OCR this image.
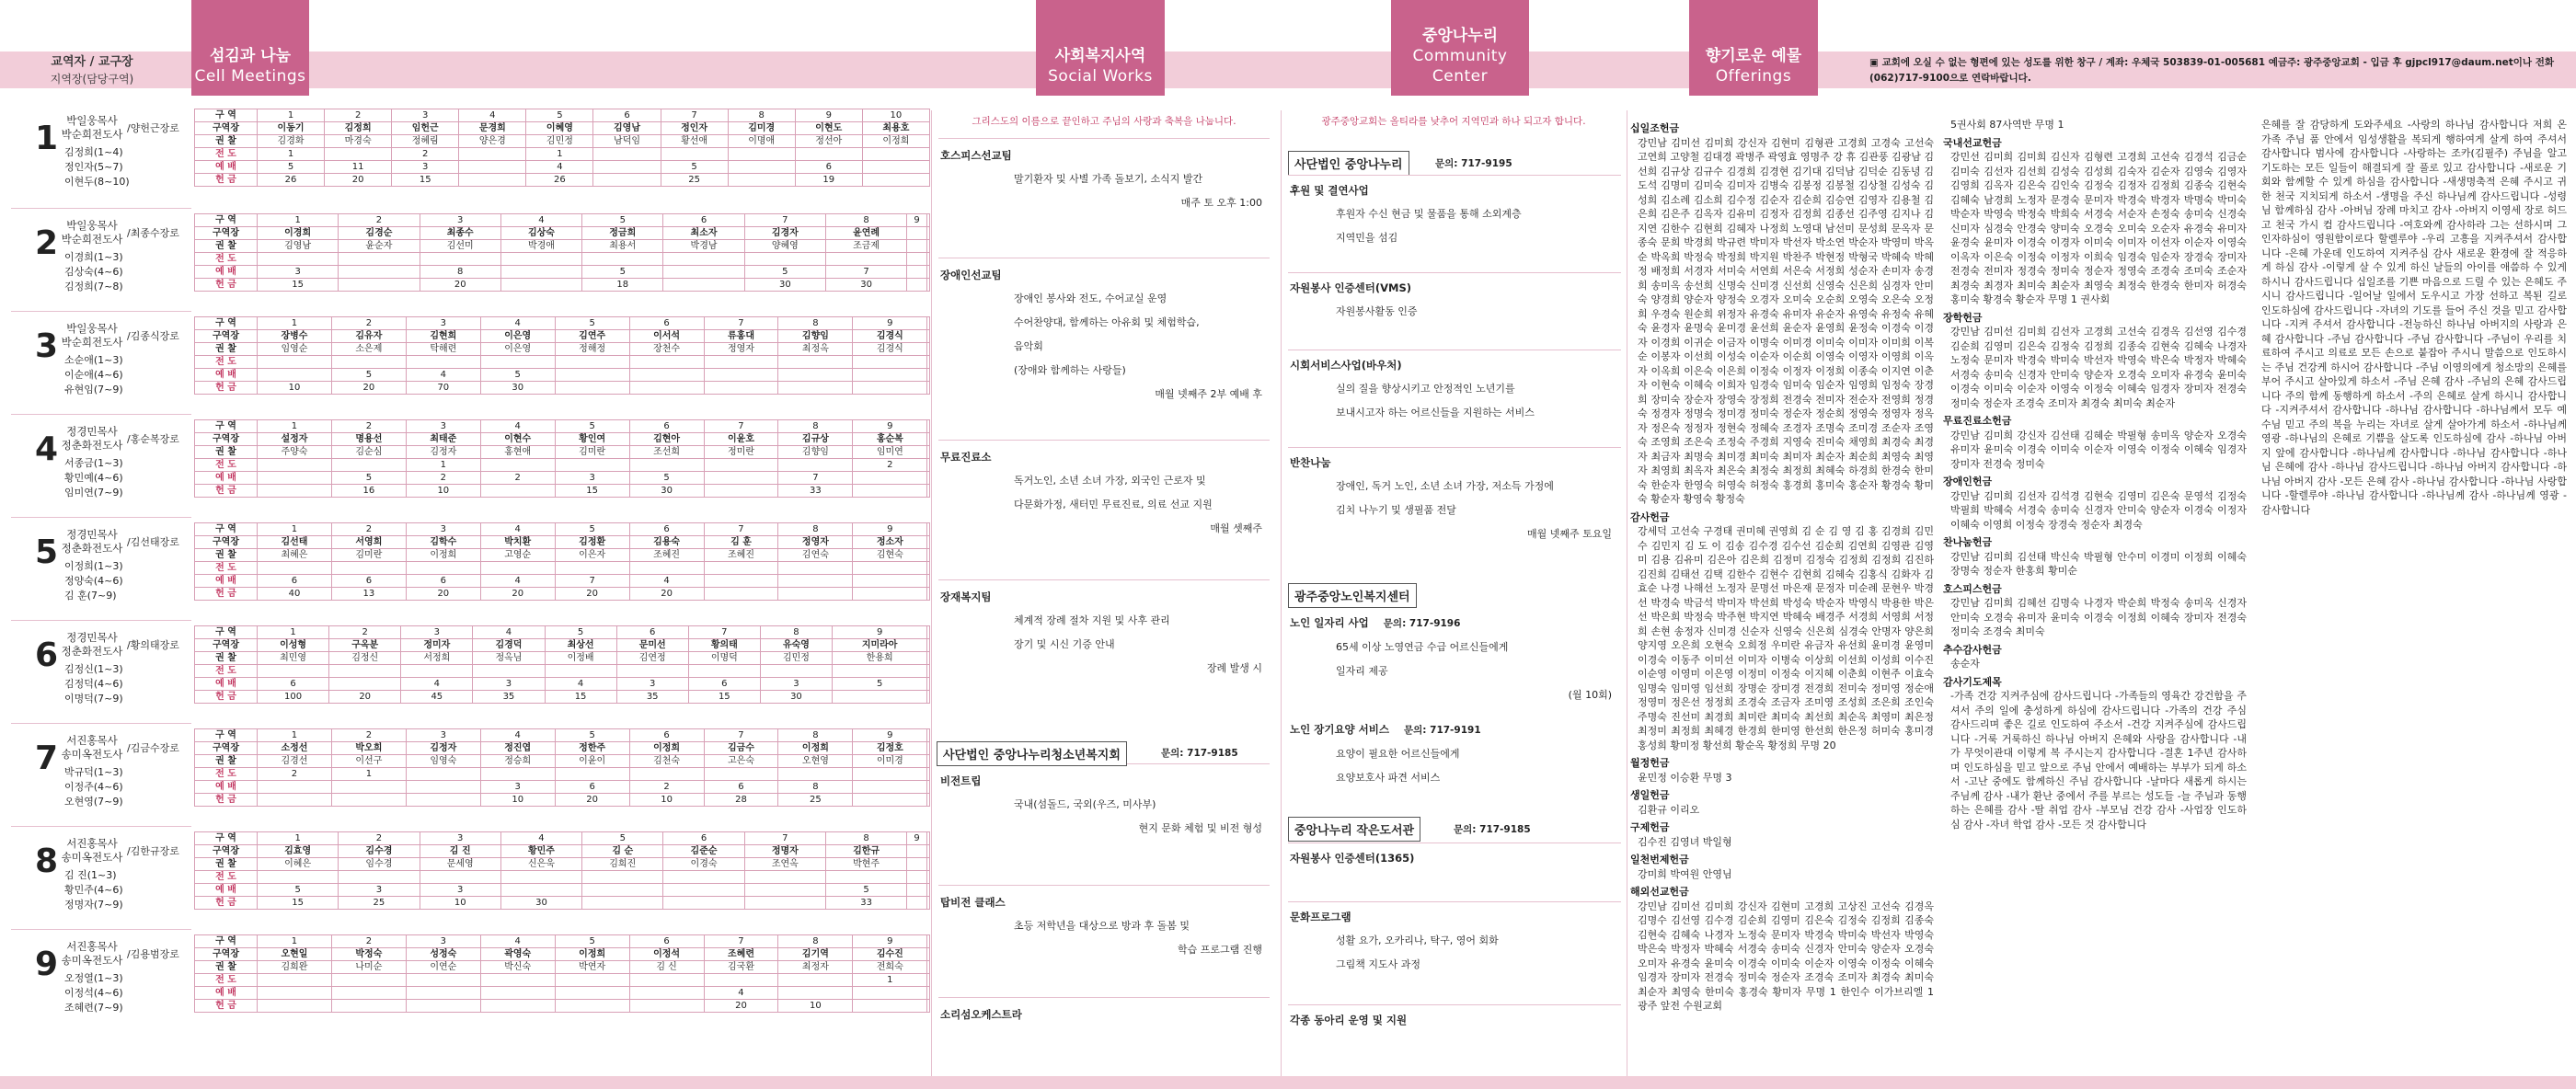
교역자 / 교구장
지역장(담당구역)
섬김과 나눔
Cell Meetings
사회복지사역
Social Works
중앙나누리
Community Center
향기로운 예물
Offerings
▣ 교회에 오실 수 없는 형편에 있는 성도를 위한 창구 / 계좌: 우체국 503839-01-005681 예금주: 광주중앙교회 - 입금 후 gjpcl917@daum.net이나 전화 (062)717-9100으로 연락바랍니다.
1 박일웅목사
박순희전도사 /양헌근장로
김정희(1~4)
정인자(5~7)
이현두(8~10)
구 역	1	2	3	4	5	6	7	8	9	10
구역장	이동기	김정희	임헌근	문경희	이혜영	김영남	정인자	김미경	이현도	최용호
권 찰	김경화	마경숙	정혜림	양은경	김민정	남덕임	황선애	이명애	정선아	이정희
전 도	1		2		1					
예 배	5	11	3		4		5		6	
헌 금	26	20	15		26		25		19	
2 박일웅목사
박순희전도사 /최종수장로
이경희(1~3)
김상숙(4~6)
김정희(7~8)
구 역	1	2	3	4	5	6	7	8	9	
구역장	이경희	김경순	최종수	김상숙	정금희	최소자	김경자	윤연례		
권 찰	김영남	윤순자	김선미	박경애	최용서	박경남	양혜영	조금제		
전 도										
예 배	3		8		5		5	7		
헌 금	15		20		18		30	30		
3 박일웅목사
박순희전도사 /김종식장로
소순애(1~3)
이순애(4~6)
유현임(7~9)
구 역	1	2	3	4	5	6	7	8	9	
구역장	장병수	김유자	김현희	이은영	김연주	이서석	류홍대	김향임	김경식	
권 찰	임영순	소은제	탁해련	이은영	정해정	장천수	정영자	최정옥	김경식	
전 도										
예 배		5	4	5						
헌 금	10	20	70	30						
4 정경민목사
정춘화전도사 /홍순복장로
서종금(1~3)
황민예(4~6)
임미연(7~9)
구 역	1	2	3	4	5	6	7	8	9	
구역장	설정자	명용선	최태준	이현수	황인여	김현아	이윤호	김규상	홍순복	
권 찰	주양숙	김순심	김정자	홍현애	김미란	조선희	정미란	김향임	임미연	
전 도			1						2	
예 배		5	2	2	3	5		7		
헌 금		16	10		15	30		33		
5 정경민목사
정춘화전도사 /김선태장로
이정희(1~3)
정양숙(4~6)
김 훈(7~9)
구 역	1	2	3	4	5	6	7	8	9	
구역장	김선태	서영희	김학수	박치환	김정환	김용숙	김 훈	정영자	정소자	
권 찰	최혜은	김미란	이정희	고영순	이은자	조혜진	조혜진	김연숙	김현숙	
전 도										
예 배	6	6	6	4	7	4				
헌 금	40	13	20	20	20	20				
6 정경민목사
정춘화전도사 /황의태장로
김정신(1~3)
김정덕(4~6)
이명덕(7~9)
구 역	1	2	3	4	5	6	7	8	9	
구역장	이성형	구옥분	정미자	김경덕	최상선	문미선	황의태	유숙영	지미라아	
권 찰	최민영	김정신	서정희	정옥님	이정배	김연정	이명덕	김민정	한용희	
전 도										
예 배	6		4	3	4	3	6	3	5	
헌 금	100	20	45	35	15	35	15	30		
7 서진홍목사
송미옥전도사 /김금수장로
박규덕(1~3)
이정주(4~6)
오현영(7~9)
구 역	1	2	3	4	5	6	7	8	9	
구역장	소정선	박오희	김정자	정진엽	정한주	이정희	김금수	이정희	김정호	
권 찰	김경선	이선구	임영숙	정승희	이윤이	김천숙	고은숙	오현영	이미경	
전 도	2	1								
예 배				3	6	2	6	8		
헌 금				10	20	10	28	25		
8 서진홍목사
송미옥전도사 /김한규장로
김 진(1~3)
황민주(4~6)
정명자(7~9)
구 역	1	2	3	4	5	6	7	8	9	
구역장	김효영	김수경	김 진	황민주	김 순	김준순	정명자	김한규		
권 찰	이혜은	임수경	문세영	신은욱	김희진	이경숙	조연옥	박현주		
전 도										
예 배	5	3	3					5		
헌 금	15	25	10	30				33		
9 서진홍목사
송미옥전도사 /김용범장로
오정열(1~3)
이정석(4~6)
조혜련(7~9)
구 역	1	2	3	4	5	6	7	8	9	
구역장	오현일	박정숙	성정숙	곽영숙	이정희	이정석	조혜련	김기역	김수진	
권 찰	김희완	나미순	이연순	박신숙	박연자	김 신	김국환	최정자	전희숙	
전 도									1	
예 배							4			
헌 금							20	10		
그리스도의 이름으로 끝인하고 주님의 사랑과 축복을 나눕니다.
호스피스선교팀
말기환자 및 사별 가족 돌보기, 소식지 발간
매주 토 오후 1:00
장애인선교팀
장애인 봉사와 전도, 수어교실 운영
수어찬양대, 함께하는 아유회 및 체험학습,
음악회
(장애와 함께하는 사랑들)
매월 넷째주 2부 예배 후
무료진료소
독거노인, 소년 소녀 가장, 외국인 근로자 및
다문화가정, 새터민 무료진료, 의료 선교 지원
매월 셋째주
장재복지팀
체계적 장례 절차 지원 및 사후 관리
장기 및 시신 기증 안내
장례 발생 시
비전트립
국내(섬돌드, 국외(우즈, 미사부)
현지 문화 체험 및 비전 형성
탑비전 클래스
초등 저학년을 대상으로 방과 후 돌봄 및
학습 프로그램 진행
소리섬오케스트라
사단법인 중앙나누리청소년복지회	문의: 717-9185
광주중앙교회는 올티라를 낮추어 지역민과 하나 되고자 합니다.
사단법인 중앙나누리	문의: 717-9195
후원 및 결연사업
후원자 수신 현금 및 물품을 통해 소외계층
지역민을 섬김
자원봉사 인증센터(VMS)
자원봉사활동 인증
시회서비스사업(바우처)
실의 질을 향상시키고 안정적인 노년기를
보내시고자 하는 어르신들을 지원하는 서비스
반찬나눔
장애인, 독거 노인, 소년 소녀 가장, 저소득 가정에
김치 나누기 및 생필품 전달
매월 넷째주 토요일
광주중앙노인복지센터
노인 일자리 사업 문의: 717-9196
65세 이상 노영연금 수급 어르신들에게
일자리 제공
(월 10회)
노인 장기요양 서비스 문의: 717-9191
요양이 필요한 어르신들에게
요양보호사 파견 서비스
중앙나누리 작은도서관	문의: 717-9185
자원봉사 인증센터(1365)
문화프로그램
성활 요가, 오카리나, 탁구, 영어 회화
그림책 지도사 과정
각종 동아리 운영 및 지원
십일조헌금
강민남 김미선 김미희 강신자 김현미 김형관 고경희 고경숙 고선숙 고연희 고양철 김대경 곽병주 곽영효 영명주 강 휴 김관풍 김광남 김선희 김규상 김규수 김경희 김경현 김기대 김덕남 김덕순 김동녕 김도석 김명미 김미숙 김미자 김병숙 김봉정 김봉철 김상철 김성숙 김성희 김소례 김소희 김수정 김순자 김순희 김승연 김영자 김용철 김은희 김은주 김옥자 김유미 김정자 김정희 김종선 김주영 김지나 김지연 김한수 김현희 김혜자 나정희 노영대 남선미 문성희 문옥자 문종숙 문희 박경희 박규련 박미자 박선자 박소연 박순자 박영미 박옥순 박옥희 박정숙 박정희 박지원 박찬주 박현정 박형국 박혜숙 박혜정 배정희 서경자 서미숙 서연희 서은숙 서정희 성순자 손미자 송경희 송미옥 송선희 신명숙 신미경 신선희 신영숙 신은희 심경자 안미숙 양경희 양순자 양정숙 오경자 오미숙 오순희 오영숙 오은숙 오정희 우경숙 원순희 위정자 유경숙 유미자 유순자 유영숙 유정숙 유혜숙 윤경자 윤명숙 윤미경 윤선희 윤순자 윤영희 윤정숙 이경숙 이경자 이경희 이귀순 이금자 이명숙 이미경 이미숙 이미자 이미희 이복순 이봉자 이선희 이성숙 이순자 이순희 이영숙 이영자 이영희 이옥자 이옥희 이은숙 이은희 이정숙 이정자 이정희 이종숙 이지연 이춘자 이현숙 이혜숙 이희자 임경숙 임미숙 임순자 임영희 임정숙 장경희 장미숙 장순자 장영숙 장정희 전경숙 전미자 전순자 전영희 정경숙 정경자 정명숙 정미경 정미숙 정순자 정순희 정영숙 정영자 정옥자 정은숙 정정자 정현숙 정혜숙 조경자 조명숙 조미경 조순자 조영숙 조영희 조은숙 조정숙 주경희 지영숙 진미숙 채영희 최경숙 최경자 최금자 최명숙 최미경 최미숙 최미자 최순자 최순희 최영숙 최영자 최영희 최옥자 최은숙 최정숙 최정희 최혜숙 하경희 한경숙 한미숙 한순자 한영숙 허영숙 허정숙 홍경희 홍미숙 홍순자 황경숙 황미숙 황순자 황영숙 황정숙
감사헌금
강세덕 고선숙 구경태 권미혜 권영희 김 순 김 영 김 홍 김경희 김민수 김민지 김 도 이 김송 김수경 김수선 김순희 김연희 김영관 김영미 김용 김유미 김은아 김은희 김정미 김정숙 김정희 김정희 김진하 김진희 김태선 김택 김한수 김현수 김현희 김혜숙 김홍식 김화자 김효순 나경 나해선 노정자 문명선 마은재 문정자 미순례 문현우 박경선 박경숙 박금석 박미자 박선희 박성숙 박순자 박영식 박용한 박은선 박은희 박정숙 박주현 박지연 박혜숙 배경주 서경희 서영희 서정희 손현 송정자 신미경 신순자 신영숙 신은희 심경숙 안명자 양은희 양지영 오은희 오현숙 오희정 우미란 유금자 유선희 윤미경 윤영미 이경숙 이동주 이미선 이미자 이병숙 이상희 이선희 이성희 이수진 이순영 이영미 이은영 이정미 이정숙 이지혜 이춘희 이현주 이효숙 임명숙 임미영 임선희 장명순 장미경 전경희 전미숙 정미영 정순애 정영미 정은선 정정희 조경숙 조금자 조미영 조성희 조은희 조인숙 주명숙 진선미 최경희 최미란 최미숙 최선희 최순옥 최영미 최은정 최정미 최정희 최혜경 한경희 한미영 한선희 한은정 허미숙 홍미경 홍성희 황미정 황선희 황순옥 황정희 무명 20
월정헌금
윤민정 이승환 무명 3
생일헌금
김환규 이리오
구제헌금
김수진 김영녀 박일형
일천번제헌금
강미희 박여원 안영님
해외선교헌금
강민남 김미선 김미희 강신자 김현미 고경희 고상진 고선숙 김경옥 김명수 김선영 김수경 김순희 김영미 김은숙 김정숙 김정희 김종숙 김현숙 김혜숙 나경자 노정숙 문미자 박경숙 박미숙 박선자 박영숙 박은숙 박정자 박혜숙 서경숙 송미숙 신경자 안미숙 양순자 오경숙 오미자 유경숙 윤미숙 이경숙 이미숙 이순자 이영숙 이정숙 이혜숙 임경자 장미자 전경숙 정미숙 정순자 조경숙 조미자 최경숙 최미숙 최순자 최영숙 한미숙 홍경숙 황미자 무명 1 한인수 이가브리엘 1 광주 앞전 수원교회
5권사회 87사역반 무명 1
국내선교헌금
강민선 김미희 김미희 김신자 김형련 고경희 고선숙 김경석 김금순 김미숙 김선자 김선희 김성숙 김성희 김숙자 김순자 김영숙 김영자 김영희 김옥자 김은숙 김인숙 김정숙 김정자 김정희 김종숙 김현숙 김혜숙 남경희 노정자 문경숙 문미자 박경숙 박경자 박명숙 박미숙 박순자 박영숙 박정숙 박희숙 서경숙 서순자 손정숙 송미숙 신경숙 신미자 심경숙 안경숙 양미숙 오경숙 오미숙 오순자 유경숙 유미자 윤경숙 윤미자 이경숙 이경자 이미숙 이미자 이선자 이순자 이영숙 이옥자 이은숙 이정숙 이정자 이희숙 임경숙 임순자 장경숙 장미자 전경숙 전미자 정경숙 정미숙 정순자 정영숙 조경숙 조미숙 조순자 최경숙 최경자 최미숙 최순자 최영숙 최정숙 한경숙 한미자 허경숙 홍미숙 황경숙 황순자 무명 1 권사회
장학헌금
강민남 김미선 김미희 김선자 고경희 고선숙 김경옥 김선영 김수경 김순희 김영미 김은숙 김정숙 김정희 김종숙 김현숙 김혜숙 나경자 노정숙 문미자 박경숙 박미숙 박선자 박영숙 박은숙 박정자 박혜숙 서경숙 송미숙 신경자 안미숙 양순자 오경숙 오미자 유경숙 윤미숙 이경숙 이미숙 이순자 이영숙 이정숙 이혜숙 임경자 장미자 전경숙 정미숙 정순자 조경숙 조미자 최경숙 최미숙 최순자
무료진료소헌금
강민남 김미희 강신자 김선태 김혜순 박필형 송미옥 양순자 오경숙 유미자 윤미숙 이경숙 이미숙 이순자 이영숙 이정숙 이혜숙 임경자 장미자 전경숙 정미숙
장애인헌금
강민남 김미희 김선자 김석경 김현숙 김영미 김은숙 문영석 김정숙 박필희 박혜숙 서경숙 송미숙 신경자 안미숙 양순자 이경숙 이정자 이혜숙 이영희 이정숙 장경숙 정순자 최경숙
찬나눔헌금
강민남 김미희 김선태 박신숙 박필형 안수미 이경미 이정희 이혜숙 장명숙 정순자 한홍희 황미순
호스피스헌금
강민남 김미희 김혜선 김명숙 나경자 박순희 박정숙 송미옥 신경자 안미숙 오경숙 유미자 윤미숙 이경숙 이정희 이혜숙 장미자 전경숙 정미숙 조경숙 최미숙
추수감사헌금
송순자
감사기도제목
-가족 건강 지켜주심에 감사드립니다 -가족들의 영육간 강건함을 주셔서 주의 일에 충성하게 하심에 감사드립니다 -가족의 건강 주심 감사드리며 좋은 길로 인도하여 주소서 -건강 지켜주심에 감사드립니다 -거룩 거룩하신 하나님 아버지 은혜와 사랑을 감사합니다 -내가 무엇이관대 이렇게 복 주시는지 감사합니다 -결혼 1주년 감사하며 인도하심을 믿고 앞으로 주님 안에서 예배하는 부부가 되게 하소서 -고난 중에도 함께하신 주님 감사합니다 -날마다 새롭게 하시는 주님께 감사 -내가 환난 중에서 주를 부르는 성도들 -늘 주님과 동행하는 은혜를 감사 -딸 취업 감사 -부모님 건강 감사 -사업장 인도하심 감사 -자녀 학업 감사 -모든 것 감사합니다
은혜를 잘 감당하게 도와주세요 -사랑의 하나님 감사합니다 저희 온 가족 주님 품 안에서 임성생활을 복되게 행하여게 살게 하여 주셔서 감사합니다 범사에 감사합니다 -사랑하는 조카(김필주) 주님을 알고 기도하는 모든 일들이 해결되게 잘 풀로 있고 감사합니다 -새로운 기회와 함께할 수 있게 하심을 감사합니다 -새생명축적 은혜 주시고 귀한 천국 지치되게 하소서 -생명을 주신 하나님께 감사드립니다 -성령님 함께하심 감사 -아버님 장례 마치고 감사 -아버지 이영세 장로 허드고 천국 가시 컴 감사드립니다 -여호와께 감사하라 그는 선하시며 그 인자하심이 영원함이로다 할렐루야 -우리 고흥을 지켜주셔서 감사합니다 -은혜 가운데 인도하여 지켜주심 감사 새로운 환경에 잘 적응하게 하심 감사 -이렇게 살 수 있게 하신 날들의 아이를 애씀하 수 있게 하시니 감사드립니다 십일조를 기쁜 마음으로 드릴 수 있는 은혜도 주시니 감사드립니다 -일어날 일에서 도우시고 가장 선하고 복된 길로 인도하심에 감사드립니다 -자녀의 기도를 들어 주신 것을 믿고 감사합니다 -지켜 주셔서 감사합니다 -전능하신 하나님 아버지의 사랑과 은혜 감사합니다 -주님 감사합니다 -주님 감사합니다 -주님이 우리를 치료하여 주시고 의료로 모든 손으로 붙잡아 주시니 말씀으로 인도하시는 주님 건강케 하시어 감사합니다 -주님 이영의에게 청소망의 은혜를 부어 주시고 살아있게 하소서 -주님 은혜 감사 -주님의 은혜 감사드립니다 주의 함께 동행하게 하소서 -주의 은혜로 살게 하시니 감사합니다 -지켜주셔서 감사합니다 -하나님 감사합니다 -하나님께서 모두 예수님 믿고 주의 복을 누리는 자녀로 살게 살아가게 하소서 -하나님께 영광 -하나님의 은혜로 기쁨을 살도록 인도하심에 감사 -하나님 아버지 앞에 감사합니다 -하나님께 감사합니다 -하나님 감사합니다 -하나님 은혜에 감사 -하나님 감사드립니다 -하나님 아버지 감사합니다 -하나님 아버지 감사 -모든 은혜 감사 -하나님 감사합니다 -하나님 사랑합니다 -할렐루야 -하나님 감사합니다 -하나님께 감사 -하나님께 영광 -감사합니다
